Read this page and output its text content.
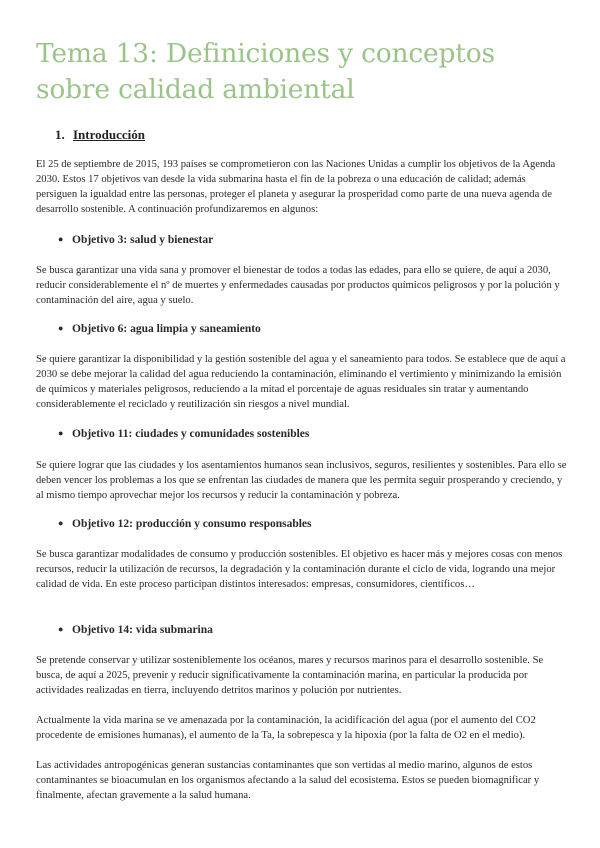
Tema 13: Definiciones y conceptos sobre calidad ambiental
1. Introducción

El 25 de septiembre de 2015, 193 países se comprometieron con las Naciones Unidas a cumplir los objetivos de la Agenda 2030. Estos 17 objetivos van desde la vida submarina hasta el fin de la pobreza o una educación de calidad; además persiguen la igualdad entre las personas, proteger el planeta y asegurar la prosperidad como parte de una nueva agenda de desarrollo sostenible. A continuación profundizaremos en algunos:

● Objetivo 3: salud y bienestar

Se busca garantizar una vida sana y promover el bienestar de todos a todas las edades, para ello se quiere, de aquí a 2030, reducir considerablemente el nº de muertes y enfermedades causadas por productos químicos peligrosos y por la polución y contaminación del aire, agua y suelo.

● Objetivo 6: agua limpia y saneamiento

Se quiere garantizar la disponibilidad y la gestión sostenible del agua y el saneamiento para todos. Se establece que de aquí a 2030 se debe mejorar la calidad del agua reduciendo la contaminación, eliminando el vertimiento y minimizando la emisión de químicos y materiales peligrosos, reduciendo a la mitad el porcentaje de aguas residuales sin tratar y aumentando considerablemente el reciclado y reutilización sin riesgos a nivel mundial.

● Objetivo 11: ciudades y comunidades sostenibles

Se quiere lograr que las ciudades y los asentamientos humanos sean inclusivos, seguros, resilientes y sostenibles. Para ello se deben vencer los problemas a los que se enfrentan las ciudades de manera que les permita seguir prosperando y creciendo, y al mismo tiempo aprovechar mejor los recursos y reducir la contaminación y pobreza.

● Objetivo 12: producción y consumo responsables

Se busca garantizar modalidades de consumo y producción sostenibles. El objetivo es hacer más y mejores cosas con menos recursos, reducir la utilización de recursos, la degradación y la contaminación durante el ciclo de vida, logrando una mejor calidad de vida. En este proceso participan distintos interesados: empresas, consumidores, científicos…

● Objetivo 14: vida submarina

Se pretende conservar y utilizar sosteniblemente los océanos, mares y recursos marinos para el desarrollo sostenible. Se busca, de aquí a 2025, prevenir y reducir significativamente la contaminación marina, en particular la producida por actividades realizadas en tierra, incluyendo detritos marinos y polución por nutrientes.

Actualmente la vida marina se ve amenazada por la contaminación, la acidificación del agua (por el aumento del CO2 procedente de emisiones humanas), el aumento de la Ta, la sobrepesca y la hipoxia (por la falta de O2 en el medio).

Las actividades antropogénicas generan sustancias contaminantes que son vertidas al medio marino, algunos de estos contaminantes se bioacumulan en los organismos afectando a la salud del ecosistema. Estos se pueden biomagnificar y finalmente, afectan gravemente a la salud humana.
